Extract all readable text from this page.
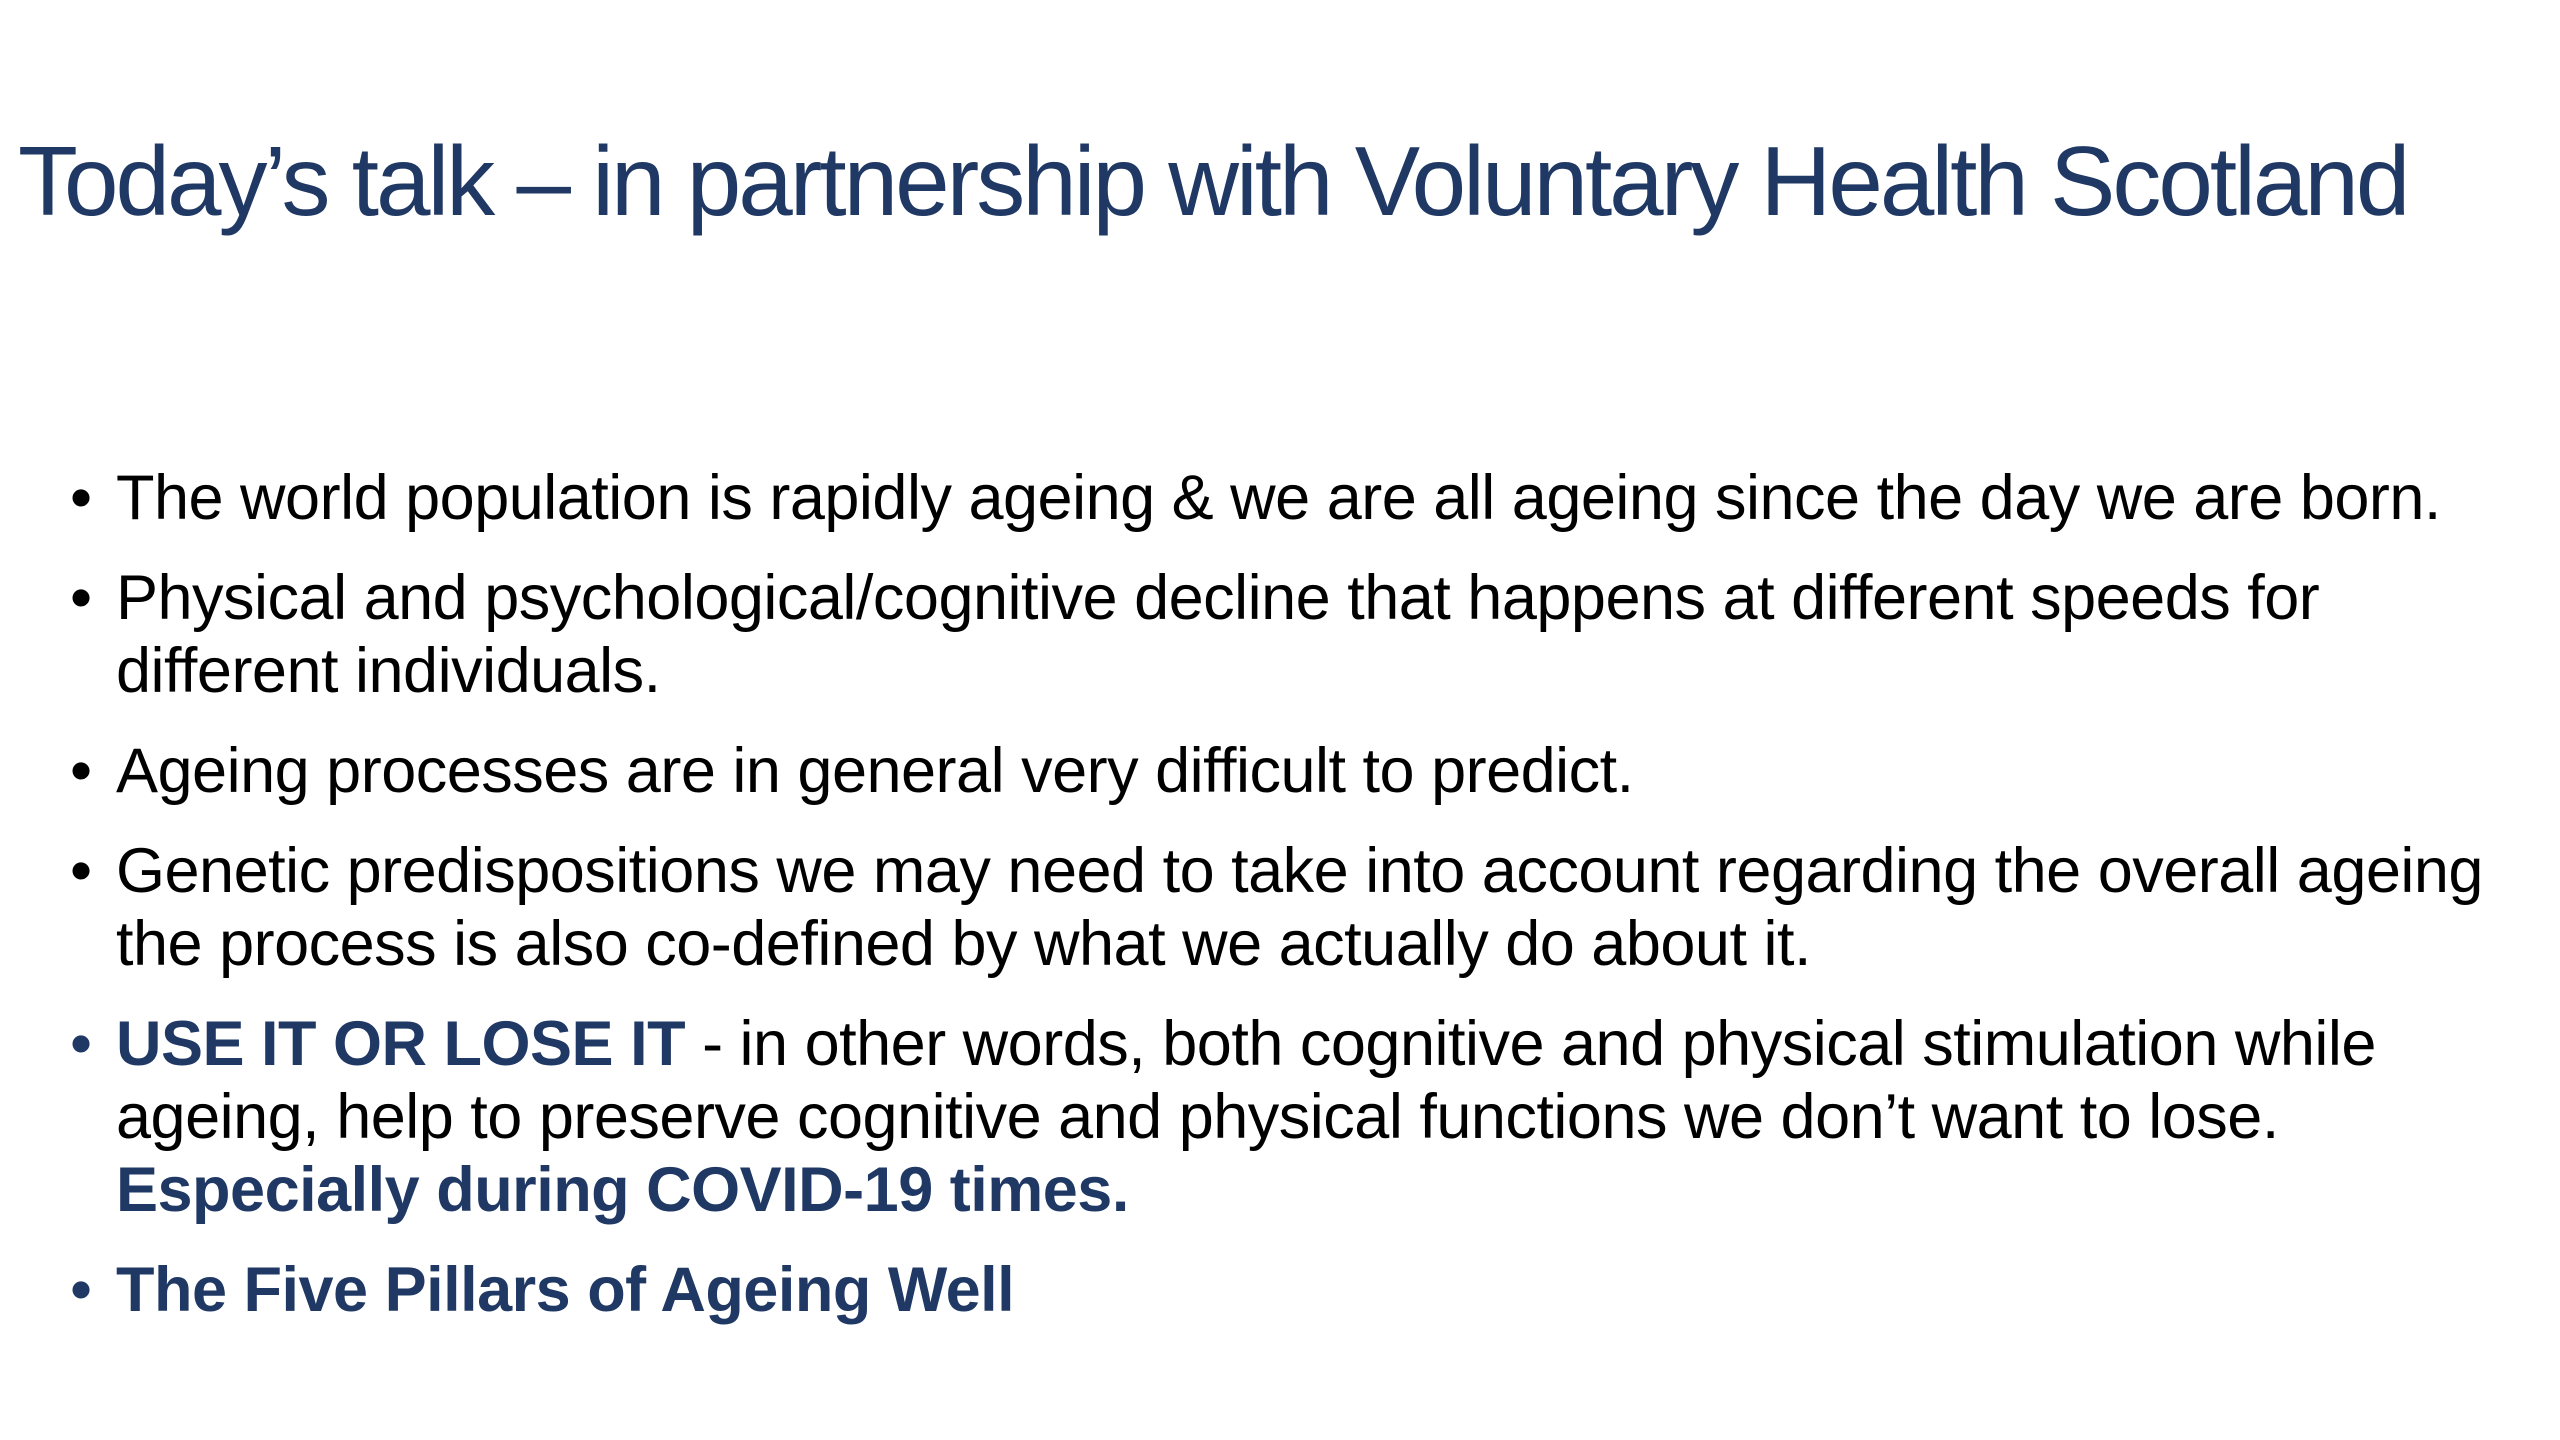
Today’s talk – in partnership with Voluntary Health Scotland
• The world population is rapidly ageing & we are all ageing since the day we are born.
• Physical and psychological/cognitive decline that happens at different speeds for different individuals.
• Ageing processes are in general very difficult to predict.
• Genetic predispositions we may need to take into account regarding the overall ageing the process is also co-defined by what we actually do about it.
• USE IT OR LOSE IT - in other words, both cognitive and physical stimulation while ageing, help to preserve cognitive and physical functions we don’t want to lose. Especially during COVID-19 times.
• The Five Pillars of Ageing Well
